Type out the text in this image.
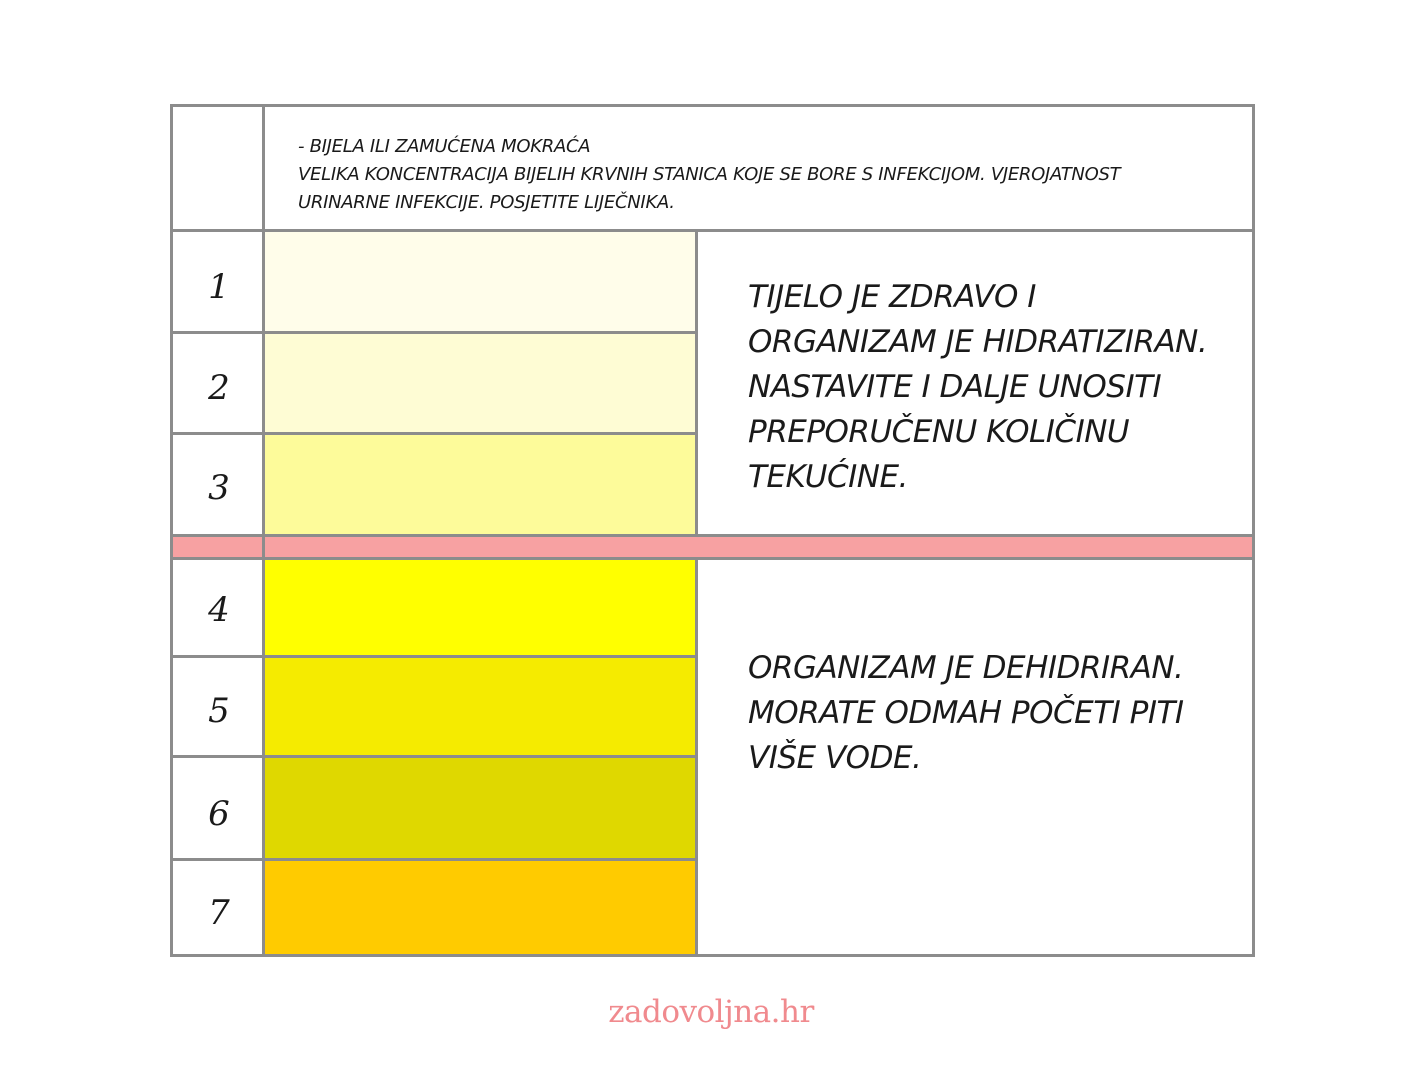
- BIJELA ILI ZAMUĆENA MOKRAĆA
VELIKA KONCENTRACIJA BIJELIH KRVNIH STANICA KOJE SE BORE S INFEKCIJOM. VJEROJATNOST
URINARNE INFEKCIJE. POSJETITE LIJEČNIKA.
1
2
3
4
5
6
7
TIJELO JE ZDRAVO I
ORGANIZAM JE HIDRATIZIRAN.
NASTAVITE I DALJE UNOSITI
PREPORUČENU KOLIČINU
TEKUĆINE.
ORGANIZAM JE DEHIDRIRAN.
MORATE ODMAH POČETI PITI
VIŠE VODE.
zadovoljna.hr
